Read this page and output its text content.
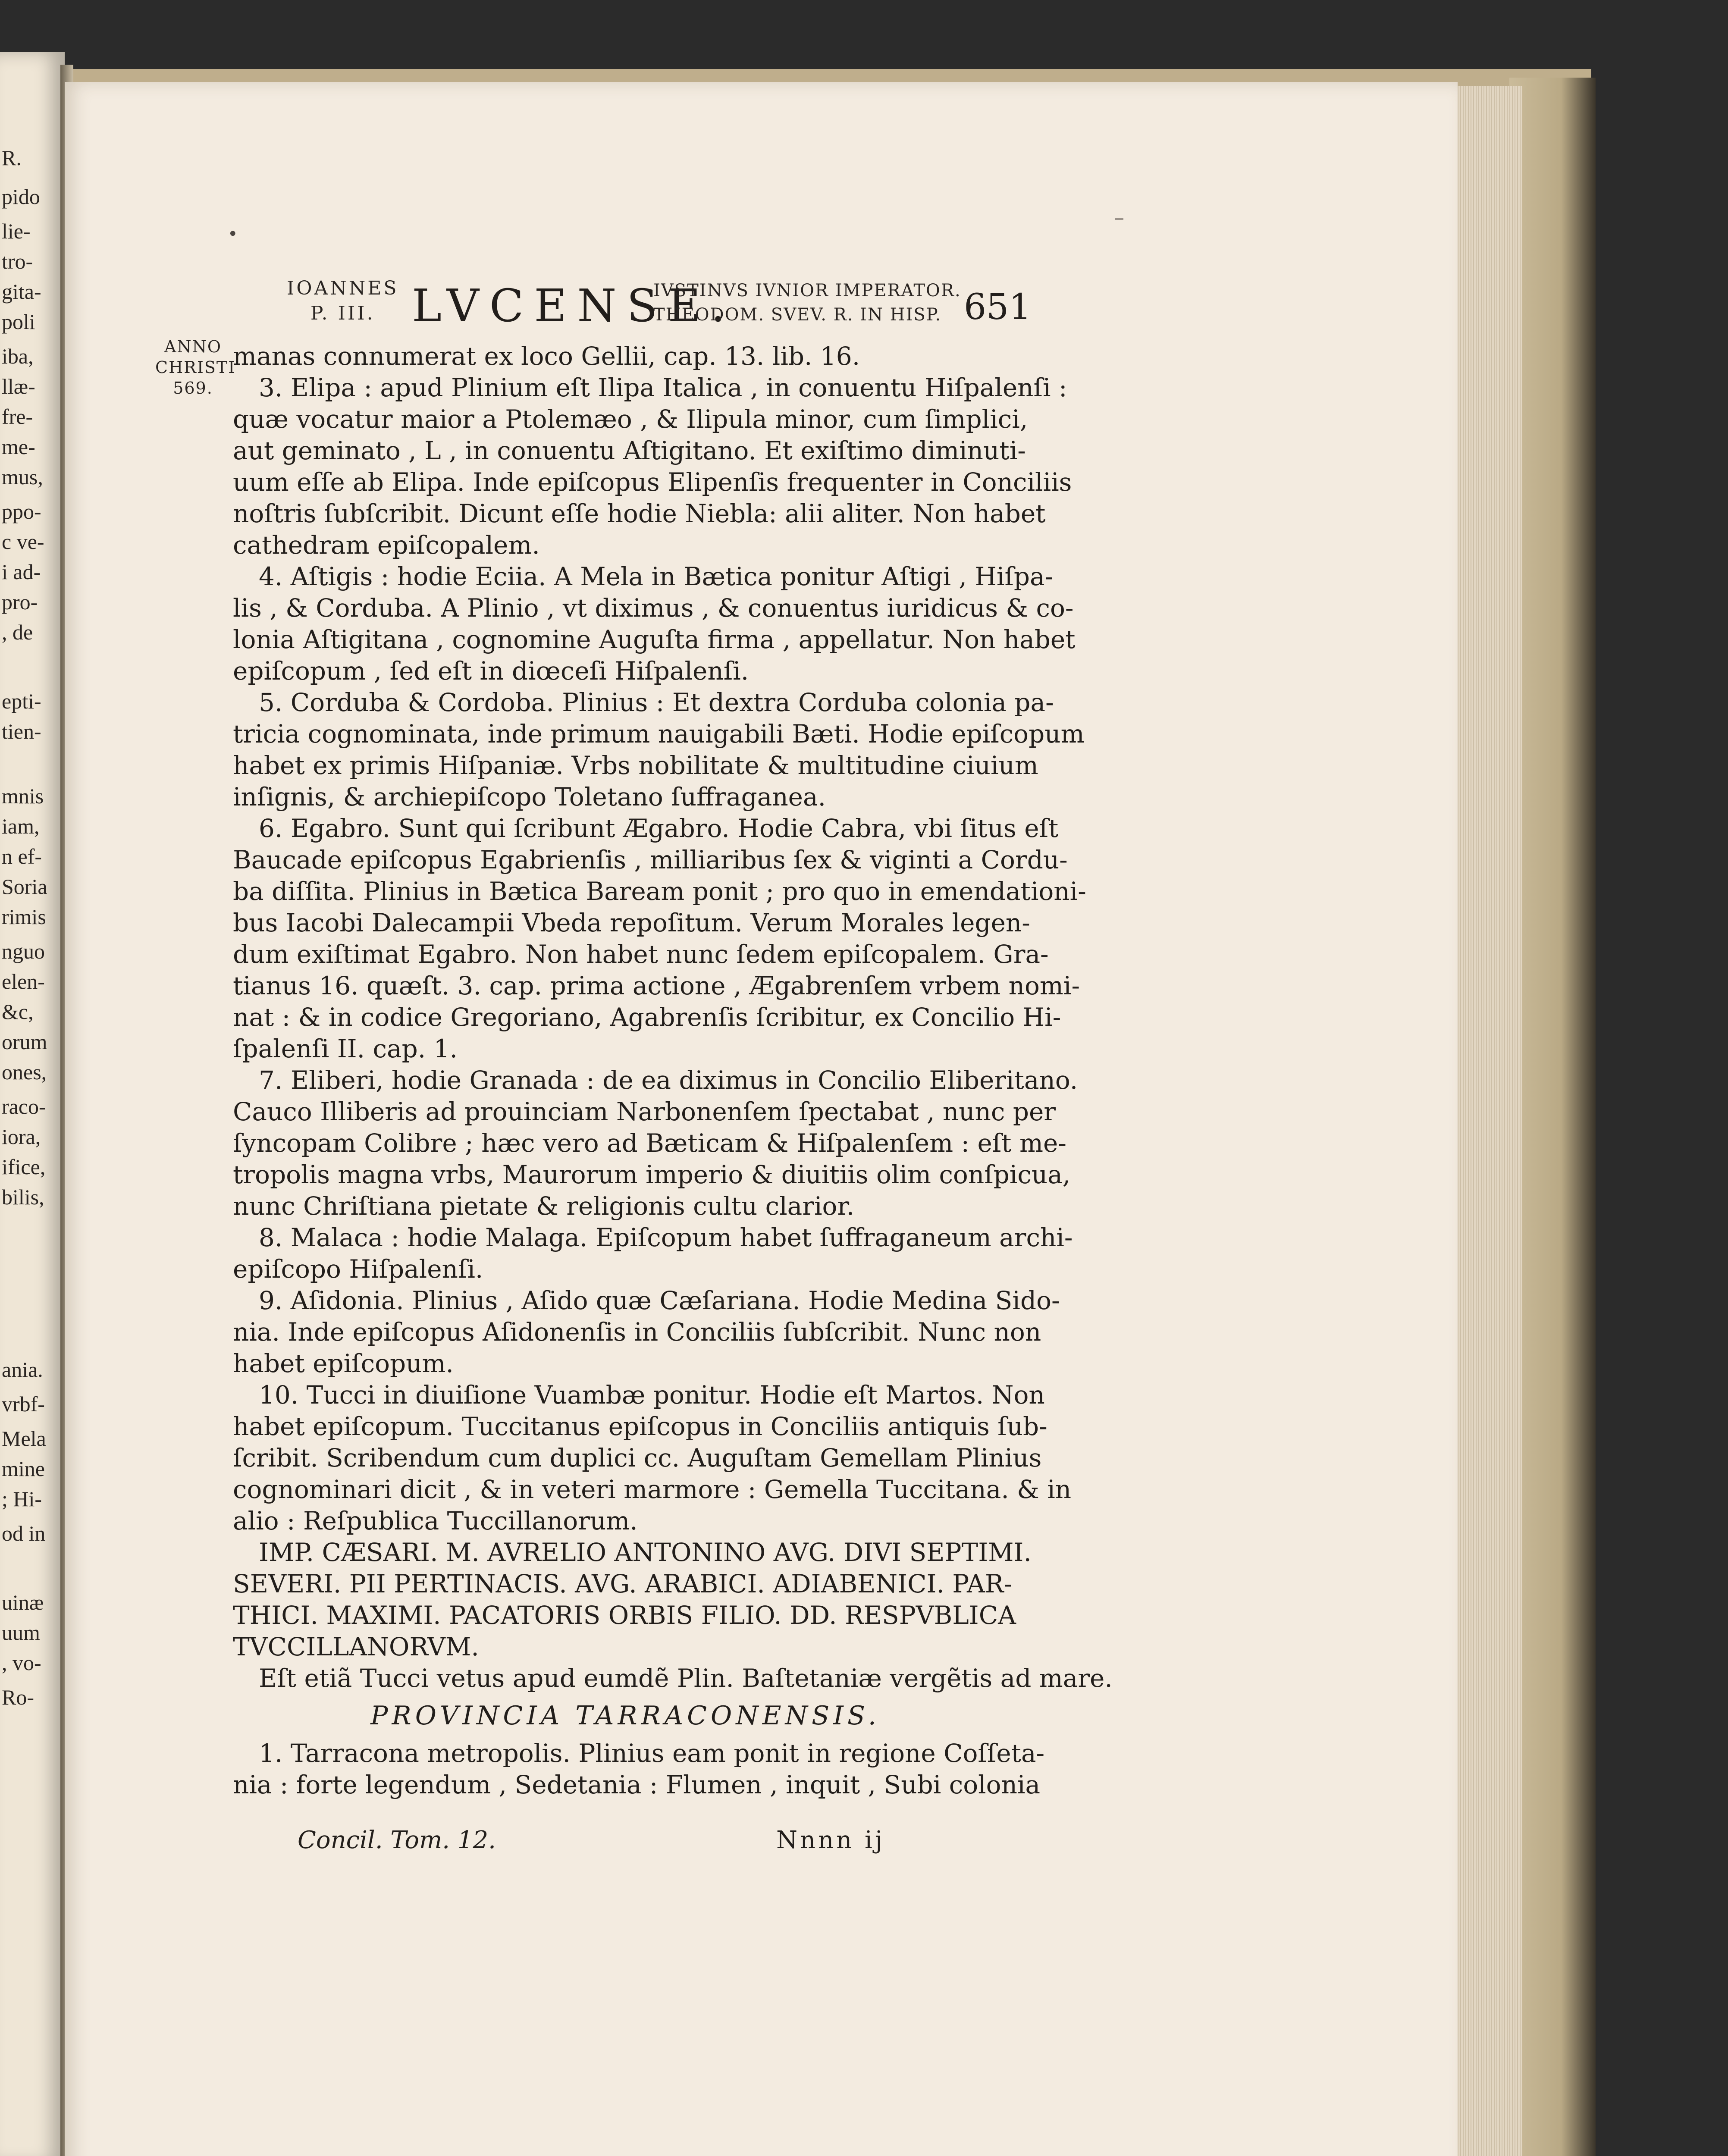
R.
pido
lie-
tro-
gita-
poli
iba,
llæ-
fre-
me-
mus,
ppo-
c ve-
i ad-
pro-
, de
epti-
tien-
mnis
iam,
n ef-
Soria
rimis
nguo
elen-
&c,
orum
ones,
raco-
iora,
ifice,
bilis,
ania.
vrbf-
Mela
mine
; Hi-
od in
uinæ
uum
, vo-
Ro-
•
IOANNES
P. III. LVCENSE.
IVSTINVS IVNIOR IMPERATOR.
THEODOM. SVEV. R. IN HISP. 651
ANNO
CHRISTI
569.
manas connumerat ex loco Gellii, cap. 13. lib. 16.
3. Elipa : apud Plinium eſt Ilipa Italica , in conuentu Hiſpalenſi :
quæ vocatur maior a Ptolemæo , & Ilipula minor, cum ſimplici,
aut geminato , L , in conuentu Aſtigitano. Et exiſtimo diminuti-
uum eſſe ab Elipa. Inde epiſcopus Elipenſis frequenter in Conciliis
noſtris ſubſcribit. Dicunt eſſe hodie Niebla: alii aliter. Non habet
cathedram epiſcopalem.
4. Aſtigis : hodie Eciia. A Mela in Bætica ponitur Aſtigi , Hiſpa-
lis , & Corduba. A Plinio , vt diximus , & conuentus iuridicus & co-
lonia Aſtigitana , cognomine Auguſta firma , appellatur. Non habet
epiſcopum , ſed eſt in diœceſi Hiſpalenſi.
5. Corduba & Cordoba. Plinius : Et dextra Corduba colonia pa-
tricia cognominata, inde primum nauigabili Bæti. Hodie epiſcopum
habet ex primis Hiſpaniæ. Vrbs nobilitate & multitudine ciuium
inſignis, & archiepiſcopo Toletano ſuffraganea.
6. Egabro. Sunt qui ſcribunt Ægabro. Hodie Cabra, vbi ſitus eſt
Baucade epiſcopus Egabrienſis , milliaribus ſex & viginti a Cordu-
ba diſſita. Plinius in Bætica Baream ponit ; pro quo in emendationi-
bus Iacobi Dalecampii Vbeda repoſitum. Verum Morales legen-
dum exiſtimat Egabro. Non habet nunc ſedem epiſcopalem. Gra-
tianus 16. quæſt. 3. cap. prima actione , Ægabrenſem vrbem nomi-
nat : & in codice Gregoriano, Agabrenſis ſcribitur, ex Concilio Hi-
ſpalenſi II. cap. 1.
7. Eliberi, hodie Granada : de ea diximus in Concilio Eliberitano.
Cauco Illiberis ad prouinciam Narbonenſem ſpectabat , nunc per
ſyncopam Colibre ; hæc vero ad Bæticam & Hiſpalenſem : eſt me-
tropolis magna vrbs, Maurorum imperio & diuitiis olim conſpicua,
nunc Chriſtiana pietate & religionis cultu clarior.
8. Malaca : hodie Malaga. Epiſcopum habet ſuffraganeum archi-
epiſcopo Hiſpalenſi.
9. Aſidonia. Plinius , Aſido quæ Cæſariana. Hodie Medina Sido-
nia. Inde epiſcopus Aſidonenſis in Conciliis ſubſcribit. Nunc non
habet epiſcopum.
10. Tucci in diuiſione Vuambæ ponitur. Hodie eſt Martos. Non
habet epiſcopum. Tuccitanus epiſcopus in Conciliis antiquis ſub-
ſcribit. Scribendum cum duplici cc. Auguſtam Gemellam Plinius
cognominari dicit , & in veteri marmore : Gemella Tuccitana. & in
alio : Reſpublica Tuccillanorum.
IMP. CÆSARI. M. AVRELIO ANTONINO AVG. DIVI SEPTIMI.
SEVERI. PII PERTINACIS. AVG. ARABICI. ADIABENICI. PAR-
THICI. MAXIMI. PACATORIS ORBIS FILIO. DD. RESPVBLICA
TVCCILLANORVM.
Eſt etiã Tucci vetus apud eumdẽ Plin. Baſtetaniæ vergẽtis ad mare.
PROVINCIA TARRACONENSIS.
1. Tarracona metropolis. Plinius eam ponit in regione Coſſeta-
nia : forte legendum , Sedetania : Flumen , inquit , Subi colonia
Concil. Tom. 12.	Nnnn ij
